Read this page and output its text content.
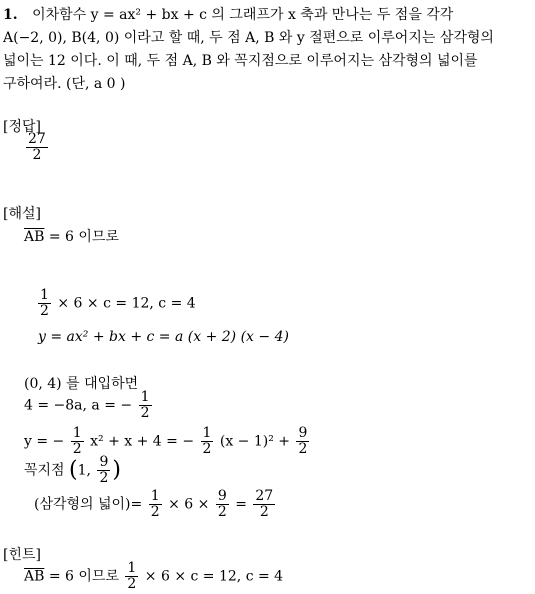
1. 이차함수 y = ax² + bx + c 의 그래프가 x 축과 만나는 두 점을 각각
A(−2, 0), B(4, 0) 이라고 할 때, 두 점 A, B 와 y 절편으로 이루어지는 삼각형의
넓이는 12 이다. 이 때, 두 점 A, B 와 꼭지점으로 이루어지는 삼각형의 넓이를
구하여라. (단, a 0 )
[정답]
$\frac{27}{2}$
[해설]
$\overline{AB} = 6$ 이므로
$\frac{1}{2} \times 6 \times c = 12$, c = 4
y = ax² + bx + c = a (x + 2) (x − 4)
(0, 4) 를 대입하면
4 = −8a, a = − $\frac{1}{2}$
y = − $\frac{1}{2} x^2 + x + 4$ = − $\frac{1}{2} (x - 1)^2 + \frac{9}{2}$
꼭지점 (1, $\frac{9}{2}$ )
(삼각형의 넓이)= $\frac{1}{2} \times 6 \times \frac{9}{2} = \frac{27}{2}$
[힌트]
$\overline{AB} = 6$ 이므로 $\frac{1}{2} \times 6 \times c = 12$, c = 4
